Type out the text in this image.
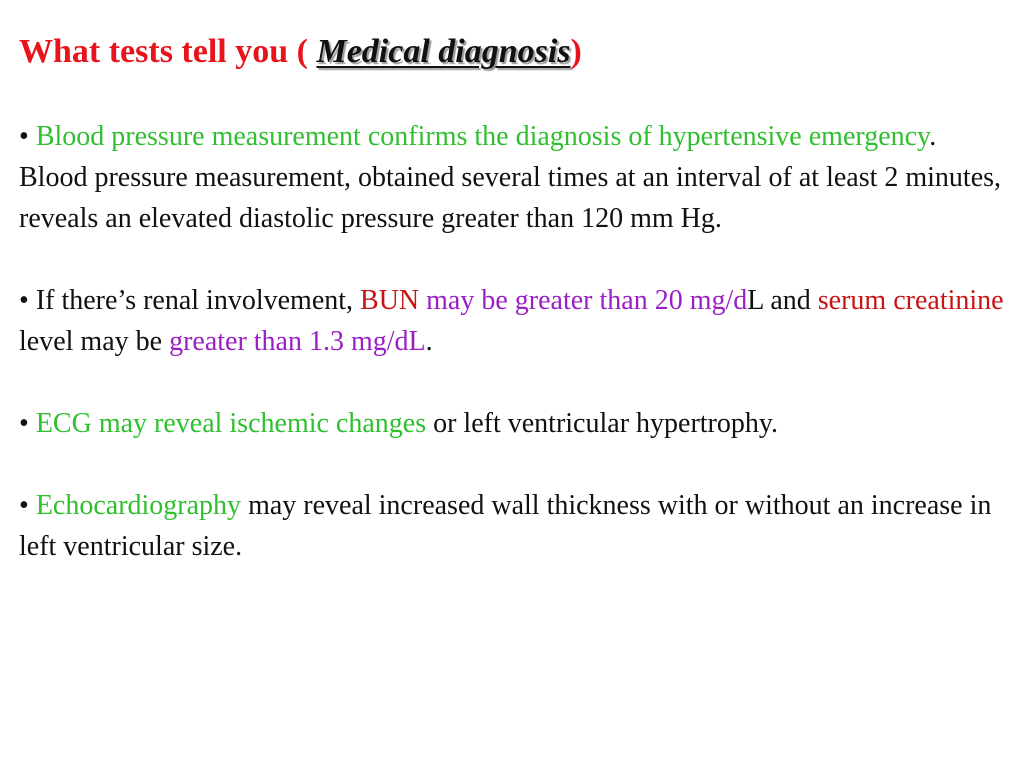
What tests tell you ( Medical diagnosis)

• Blood pressure measurement confirms the diagnosis of hypertensive emergency. Blood pressure measurement, obtained several times at an interval of at least 2 minutes, reveals an elevated diastolic pressure greater than 120 mm Hg.

• If there’s renal involvement, BUN may be greater than 20 mg/dL and serum creatinine level may be greater than 1.3 mg/dL.

• ECG may reveal ischemic changes or left ventricular hypertrophy.

• Echocardiography may reveal increased wall thickness with or without an increase in left ventricular size.
